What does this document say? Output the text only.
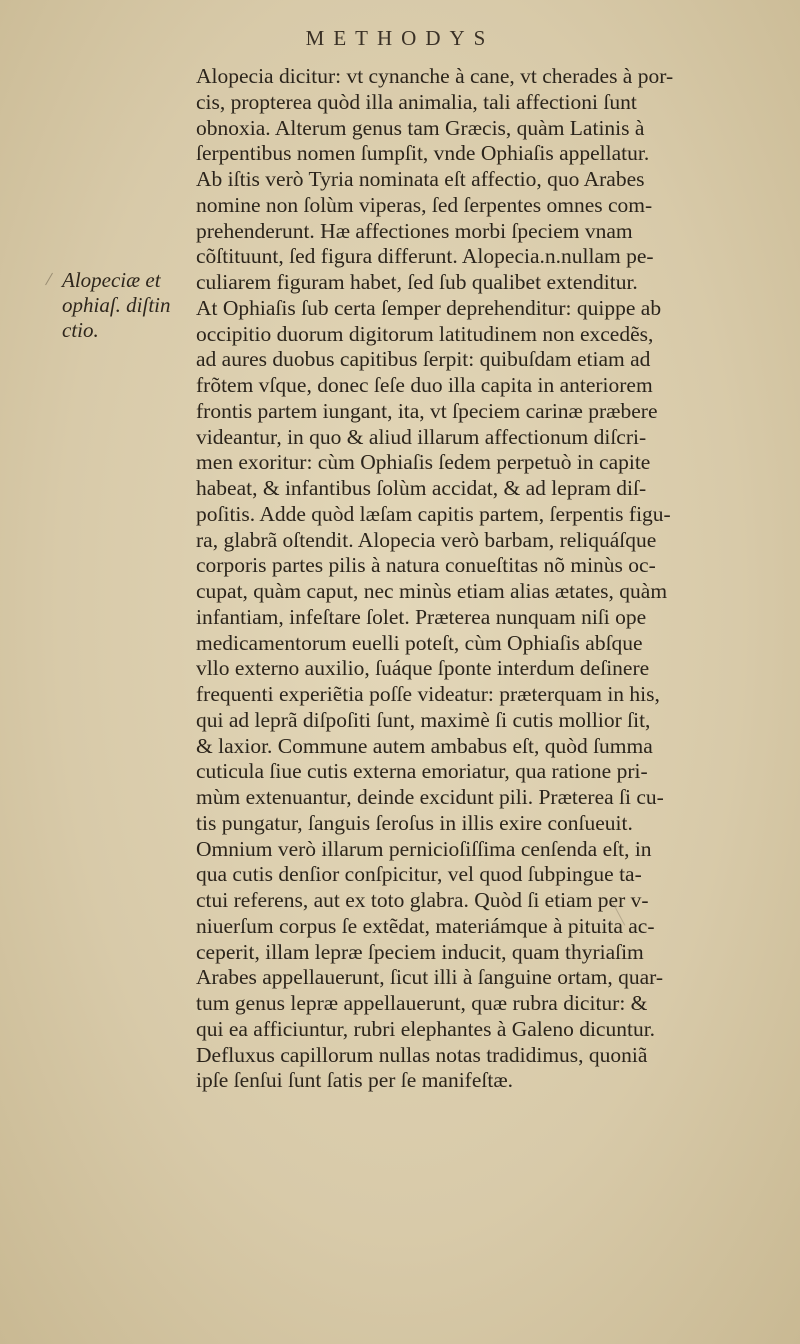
METHODYS
Alopeciæ et
ophiaſ. diſtin
ctio.
Alopecia dicitur: vt cynanche à cane, vt cherades à por-
cis, propterea quòd illa animalia, tali affectioni ſunt
obnoxia. Alterum genus tam Græcis, quàm Latinis à
ſerpentibus nomen ſumpſit, vnde Ophiaſis appellatur.
Ab iſtis verò Tyria nominata eſt affectio, quo Arabes
nomine non ſolùm viperas, ſed ſerpentes omnes com-
prehenderunt. Hæ affectiones morbi ſpeciem vnam
cõſtituunt, ſed figura differunt. Alopecia.n.nullam pe-
culiarem figuram habet, ſed ſub qualibet extenditur.
At Ophiaſis ſub certa ſemper deprehenditur: quippe ab
occipitio duorum digitorum latitudinem non excedẽs,
ad aures duobus capitibus ſerpit: quibuſdam etiam ad
frõtem vſque, donec ſeſe duo illa capita in anteriorem
frontis partem iungant, ita, vt ſpeciem carinæ præbere
videantur, in quo & aliud illarum affectionum diſcri-
men exoritur: cùm Ophiaſis ſedem perpetuò in capite
habeat, & infantibus ſolùm accidat, & ad lepram diſ-
poſitis. Adde quòd læſam capitis partem, ſerpentis figu-
ra, glabrã oſtendit. Alopecia verò barbam, reliquáſque
corporis partes pilis à natura conueſtitas nõ minùs oc-
cupat, quàm caput, nec minùs etiam alias ætates, quàm
infantiam, infeſtare ſolet. Præterea nunquam niſi ope
medicamentorum euelli poteſt, cùm Ophiaſis abſque
vllo externo auxilio, ſuáque ſponte interdum deſinere
frequenti experiẽtia poſſe videatur: præterquam in his,
qui ad leprã diſpoſiti ſunt, maximè ſi cutis mollior ſit,
& laxior. Commune autem ambabus eſt, quòd ſumma
cuticula ſiue cutis externa emoriatur, qua ratione pri-
mùm extenuantur, deinde excidunt pili. Præterea ſi cu-
tis pungatur, ſanguis ſeroſus in illis exire conſueuit.
Omnium verò illarum pernicioſiſſima cenſenda eſt, in
qua cutis denſior conſpicitur, vel quod ſubpingue ta-
ctui referens, aut ex toto glabra. Quòd ſi etiam per v-
niuerſum corpus ſe extẽdat, materiámque à pituita ac-
ceperit, illam lepræ ſpeciem inducit, quam thyriaſim
Arabes appellauerunt, ſicut illi à ſanguine ortam, quar-
tum genus lepræ appellauerunt, quæ rubra dicitur: &
qui ea afficiuntur, rubri elephantes à Galeno dicuntur.
Defluxus capillorum nullas notas tradidimus, quoniã
ipſe ſenſui ſunt ſatis per ſe manifeſtæ.
